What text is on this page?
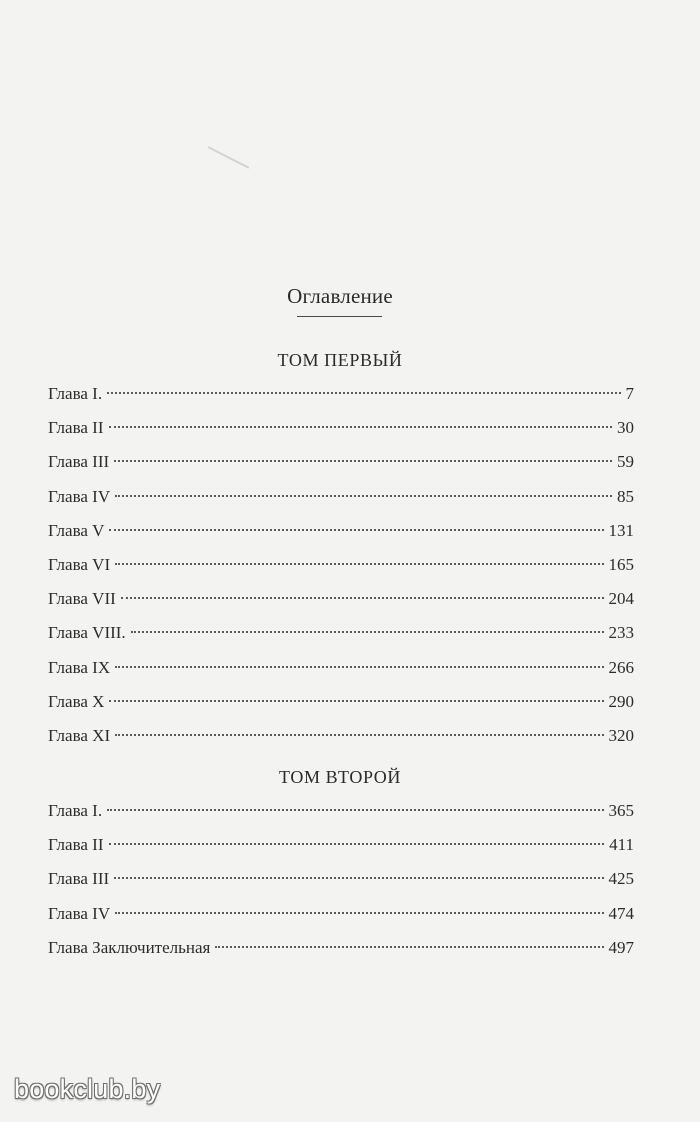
Оглавление
ТОМ ПЕРВЫЙ
Глава I.	7
Глава II	30
Глава III	59
Глава IV	85
Глава V	131
Глава VI	165
Глава VII	204
Глава VIII.	233
Глава IX	266
Глава X	290
Глава XI	320
ТОМ ВТОРОЙ
Глава I.	365
Глава II	411
Глава III	425
Глава IV	474
Глава Заключительная	497
bookclub.by
